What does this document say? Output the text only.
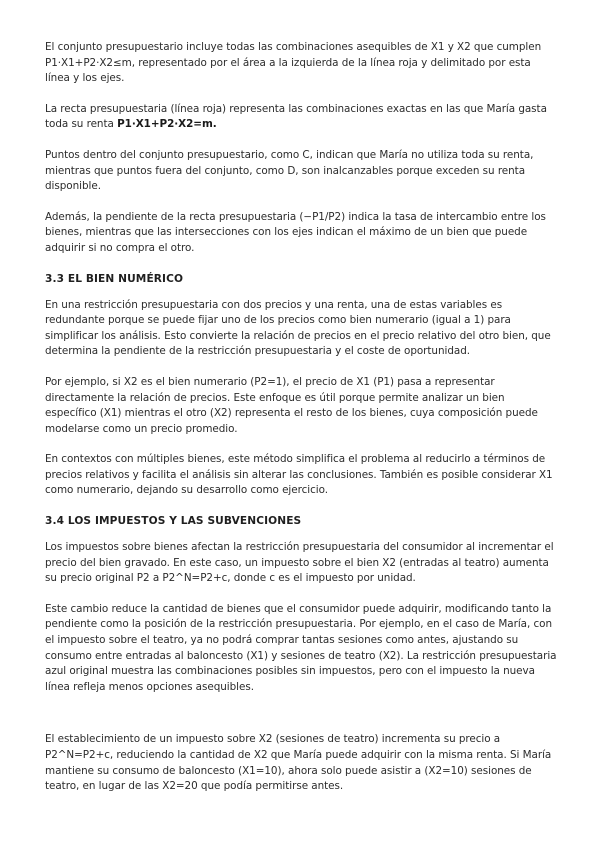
El conjunto presupuestario incluye todas las combinaciones asequibles de X1 y X2 que cumplen P1·X1+P2·X2≤m, representado por el área a la izquierda de la línea roja y delimitado por esta línea y los ejes.

La recta presupuestaria (línea roja) representa las combinaciones exactas en las que María gasta toda su renta P1·X1+P2·X2=m.

Puntos dentro del conjunto presupuestario, como C, indican que María no utiliza toda su renta, mientras que puntos fuera del conjunto, como D, son inalcanzables porque exceden su renta disponible.

Además, la pendiente de la recta presupuestaria (−P1/P2) indica la tasa de intercambio entre los bienes, mientras que las intersecciones con los ejes indican el máximo de un bien que puede adquirir si no compra el otro.

3.3 EL BIEN NUMÉRICO

En una restricción presupuestaria con dos precios y una renta, una de estas variables es redundante porque se puede fijar uno de los precios como bien numerario (igual a 1) para simplificar los análisis. Esto convierte la relación de precios en el precio relativo del otro bien, que determina la pendiente de la restricción presupuestaria y el coste de oportunidad.

Por ejemplo, si X2 es el bien numerario (P2=1), el precio de X1 (P1) pasa a representar directamente la relación de precios. Este enfoque es útil porque permite analizar un bien específico (X1) mientras el otro (X2) representa el resto de los bienes, cuya composición puede modelarse como un precio promedio.

En contextos con múltiples bienes, este método simplifica el problema al reducirlo a términos de precios relativos y facilita el análisis sin alterar las conclusiones. También es posible considerar X1 como numerario, dejando su desarrollo como ejercicio.

3.4 LOS IMPUESTOS Y LAS SUBVENCIONES

Los impuestos sobre bienes afectan la restricción presupuestaria del consumidor al incrementar el precio del bien gravado. En este caso, un impuesto sobre el bien X2 (entradas al teatro) aumenta su precio original P2 a P2^N=P2+c, donde c es el impuesto por unidad.

Este cambio reduce la cantidad de bienes que el consumidor puede adquirir, modificando tanto la pendiente como la posición de la restricción presupuestaria. Por ejemplo, en el caso de María, con el impuesto sobre el teatro, ya no podrá comprar tantas sesiones como antes, ajustando su consumo entre entradas al baloncesto (X1) y sesiones de teatro (X2). La restricción presupuestaria azul original muestra las combinaciones posibles sin impuestos, pero con el impuesto la nueva línea refleja menos opciones asequibles.

El establecimiento de un impuesto sobre X2 (sesiones de teatro) incrementa su precio a P2^N=P2+c, reduciendo la cantidad de X2 que María puede adquirir con la misma renta. Si María mantiene su consumo de baloncesto (X1=10), ahora solo puede asistir a (X2=10) sesiones de teatro, en lugar de las X2=20 que podía permitirse antes.
